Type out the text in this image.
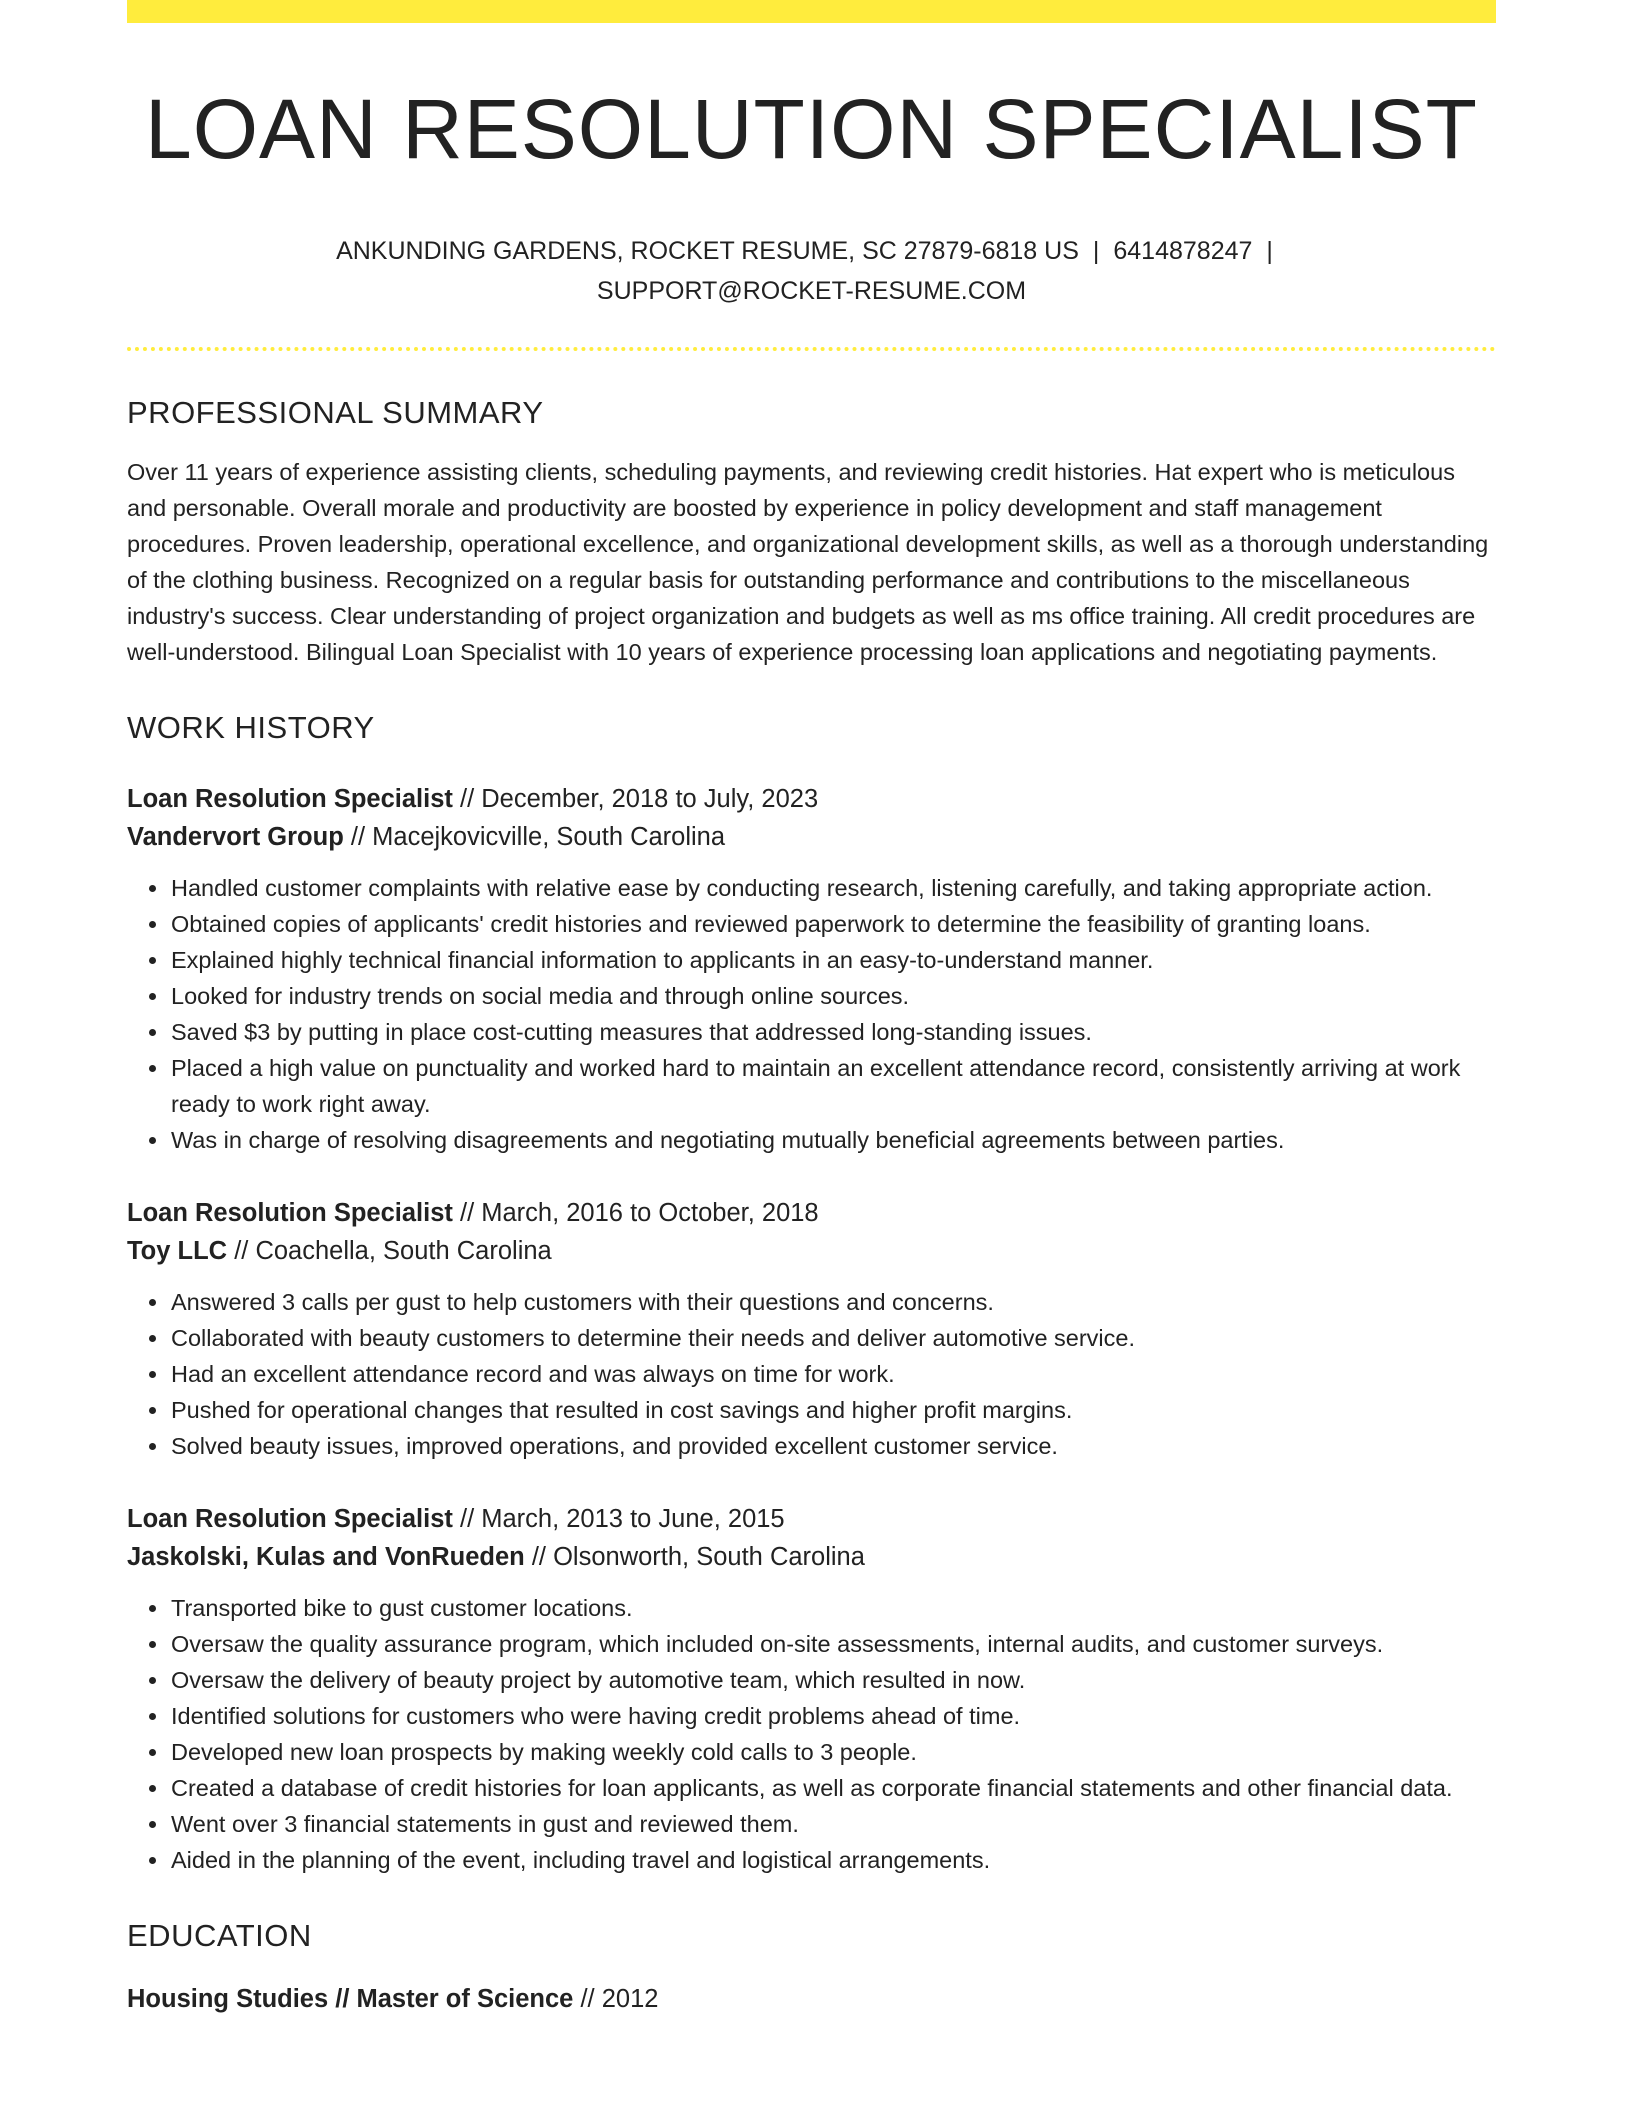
LOAN RESOLUTION SPECIALIST
ANKUNDING GARDENS, ROCKET RESUME, SC 27879-6818 US | 6414878247 |
SUPPORT@ROCKET-RESUME.COM
PROFESSIONAL SUMMARY

Over 11 years of experience assisting clients, scheduling payments, and reviewing credit histories. Hat expert who is meticulous and personable. Overall morale and productivity are boosted by experience in policy development and staff management procedures. Proven leadership, operational excellence, and organizational development skills, as well as a thorough understanding of the clothing business. Recognized on a regular basis for outstanding performance and contributions to the miscellaneous industry's success. Clear understanding of project organization and budgets as well as ms office training. All credit procedures are well-understood. Bilingual Loan Specialist with 10 years of experience processing loan applications and negotiating payments.

WORK HISTORY
Loan Resolution Specialist // December, 2018 to July, 2023
Vandervort Group // Macejkovicville, South Carolina
• Handled customer complaints with relative ease by conducting research, listening carefully, and taking appropriate action.
• Obtained copies of applicants' credit histories and reviewed paperwork to determine the feasibility of granting loans.
• Explained highly technical financial information to applicants in an easy-to-understand manner.
• Looked for industry trends on social media and through online sources.
• Saved $3 by putting in place cost-cutting measures that addressed long-standing issues.
• Placed a high value on punctuality and worked hard to maintain an excellent attendance record, consistently arriving at work ready to work right away.
• Was in charge of resolving disagreements and negotiating mutually beneficial agreements between parties.
Loan Resolution Specialist // March, 2016 to October, 2018
Toy LLC // Coachella, South Carolina
• Answered 3 calls per gust to help customers with their questions and concerns.
• Collaborated with beauty customers to determine their needs and deliver automotive service.
• Had an excellent attendance record and was always on time for work.
• Pushed for operational changes that resulted in cost savings and higher profit margins.
• Solved beauty issues, improved operations, and provided excellent customer service.
Loan Resolution Specialist // March, 2013 to June, 2015
Jaskolski, Kulas and VonRueden // Olsonworth, South Carolina
• Transported bike to gust customer locations.
• Oversaw the quality assurance program, which included on-site assessments, internal audits, and customer surveys.
• Oversaw the delivery of beauty project by automotive team, which resulted in now.
• Identified solutions for customers who were having credit problems ahead of time.
• Developed new loan prospects by making weekly cold calls to 3 people.
• Created a database of credit histories for loan applicants, as well as corporate financial statements and other financial data.
• Went over 3 financial statements in gust and reviewed them.
• Aided in the planning of the event, including travel and logistical arrangements.
EDUCATION
Housing Studies // Master of Science // 2012
